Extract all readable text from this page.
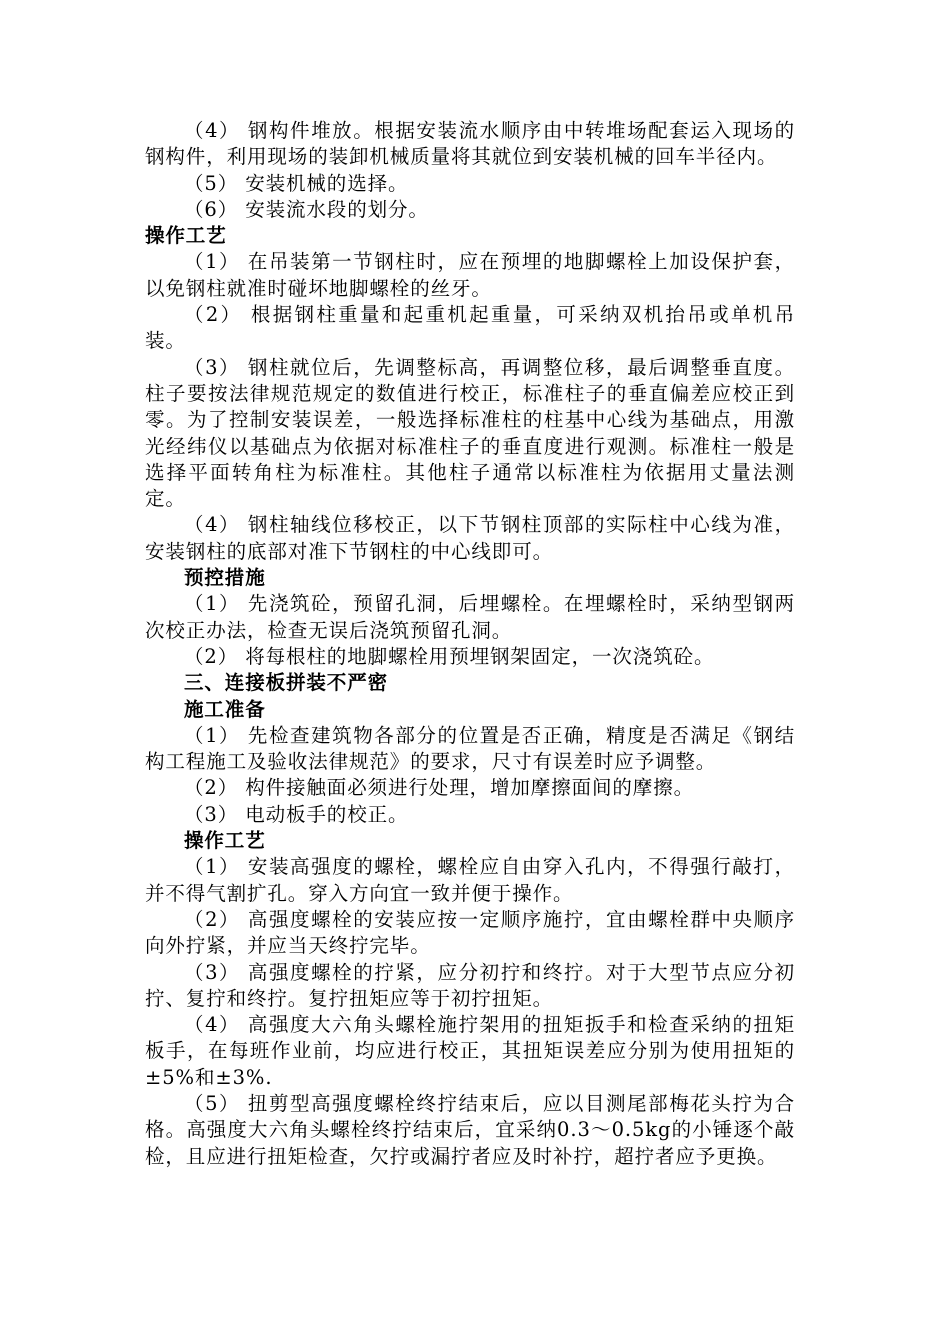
（4） 钢构件堆放。根据安装流水顺序由中转堆场配套运入现场的钢构件，利用现场的装卸机械质量将其就位到安装机械的回车半径内。

（5） 安装机械的选择。

（6） 安装流水段的划分。

操作工艺

（1） 在吊装第一节钢柱时，应在预埋的地脚螺栓上加设保护套，以免钢柱就准时碰坏地脚螺栓的丝牙。

（2） 根据钢柱重量和起重机起重量，可采纳双机抬吊或单机吊装。

（3） 钢柱就位后，先调整标高，再调整位移，最后调整垂直度。柱子要按法律规范规定的数值进行校正，标准柱子的垂直偏差应校正到零。为了控制安装误差，一般选择标准柱的柱基中心线为基础点，用激光经纬仪以基础点为依据对标准柱子的垂直度进行观测。标准柱一般是选择平面转角柱为标准柱。其他柱子通常以标准柱为依据用丈量法测定。

（4） 钢柱轴线位移校正，以下节钢柱顶部的实际柱中心线为准，安装钢柱的底部对准下节钢柱的中心线即可。

预控措施

（1） 先浇筑砼，预留孔洞，后埋螺栓。在埋螺栓时，采纳型钢两次校正办法，检查无误后浇筑预留孔洞。

（2） 将每根柱的地脚螺栓用预埋钢架固定，一次浇筑砼。

三、连接板拼装不严密

施工准备

（1） 先检查建筑物各部分的位置是否正确，精度是否满足《钢结构工程施工及验收法律规范》的要求，尺寸有误差时应予调整。

（2） 构件接触面必须进行处理，增加摩擦面间的摩擦。

（3） 电动板手的校正。

操作工艺

（1） 安装高强度的螺栓，螺栓应自由穿入孔内，不得强行敲打，并不得气割扩孔。穿入方向宜一致并便于操作。

（2） 高强度螺栓的安装应按一定顺序施拧，宜由螺栓群中央顺序向外拧紧，并应当天终拧完毕。

（3） 高强度螺栓的拧紧，应分初拧和终拧。对于大型节点应分初拧、复拧和终拧。复拧扭矩应等于初拧扭矩。

（4） 高强度大六角头螺栓施拧架用的扭矩扳手和检查采纳的扭矩板手，在每班作业前，均应进行校正，其扭矩误差应分别为使用扭矩的±5%和±3%.

（5） 扭剪型高强度螺栓终拧结束后，应以目测尾部梅花头拧为合格。高强度大六角头螺栓终拧结束后，宜采纳0.3～0.5kg的小锤逐个敲检，且应进行扭矩检查，欠拧或漏拧者应及时补拧，超拧者应予更换。
